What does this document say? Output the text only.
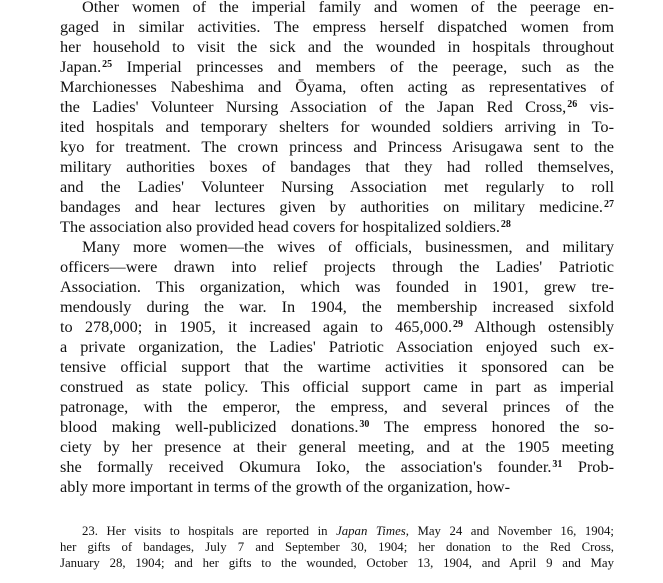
Other women of the imperial family and women of the peerage en-
gaged in similar activities. The empress herself dispatched women from
her household to visit the sick and the wounded in hospitals throughout
Japan.$^{25}$ Imperial princesses and members of the peerage, such as the
Marchionesses Nabeshima and Ōyama, often acting as representatives of
the Ladies' Volunteer Nursing Association of the Japan Red Cross,$^{26}$ vis-
ited hospitals and temporary shelters for wounded soldiers arriving in To-
kyo for treatment. The crown princess and Princess Arisugawa sent to the
military authorities boxes of bandages that they had rolled themselves,
and the Ladies' Volunteer Nursing Association met regularly to roll
bandages and hear lectures given by authorities on military medicine.$^{27}$
The association also provided head covers for hospitalized soldiers.$^{28}$
Many more women—the wives of officials, businessmen, and military
officers—were drawn into relief projects through the Ladies' Patriotic
Association. This organization, which was founded in 1901, grew tre-
mendously during the war. In 1904, the membership increased sixfold
to 278,000; in 1905, it increased again to 465,000.29 Although ostensibly
a private organization, the Ladies' Patriotic Association enjoyed such ex-
tensive official support that the wartime activities it sponsored can be
construed as state policy. This official support came in part as imperial
patronage, with the emperor, the empress, and several princes of the
blood making well-publicized donations.$^{30}$ The empress honored the so-
ciety by her presence at their general meeting, and at the 1905 meeting
she formally received Okumura Ioko, the association's founder.$^{31}$ Prob-
ably more important in terms of the growth of the organization, how-
23. Her visits to hospitals are reported in Japan Times, May 24 and November 16, 1904;
her gifts of bandages, July 7 and September 30, 1904; her donation to the Red Cross,
January 28, 1904; and her gifts to the wounded, October 13, 1904, and April 9 and May
